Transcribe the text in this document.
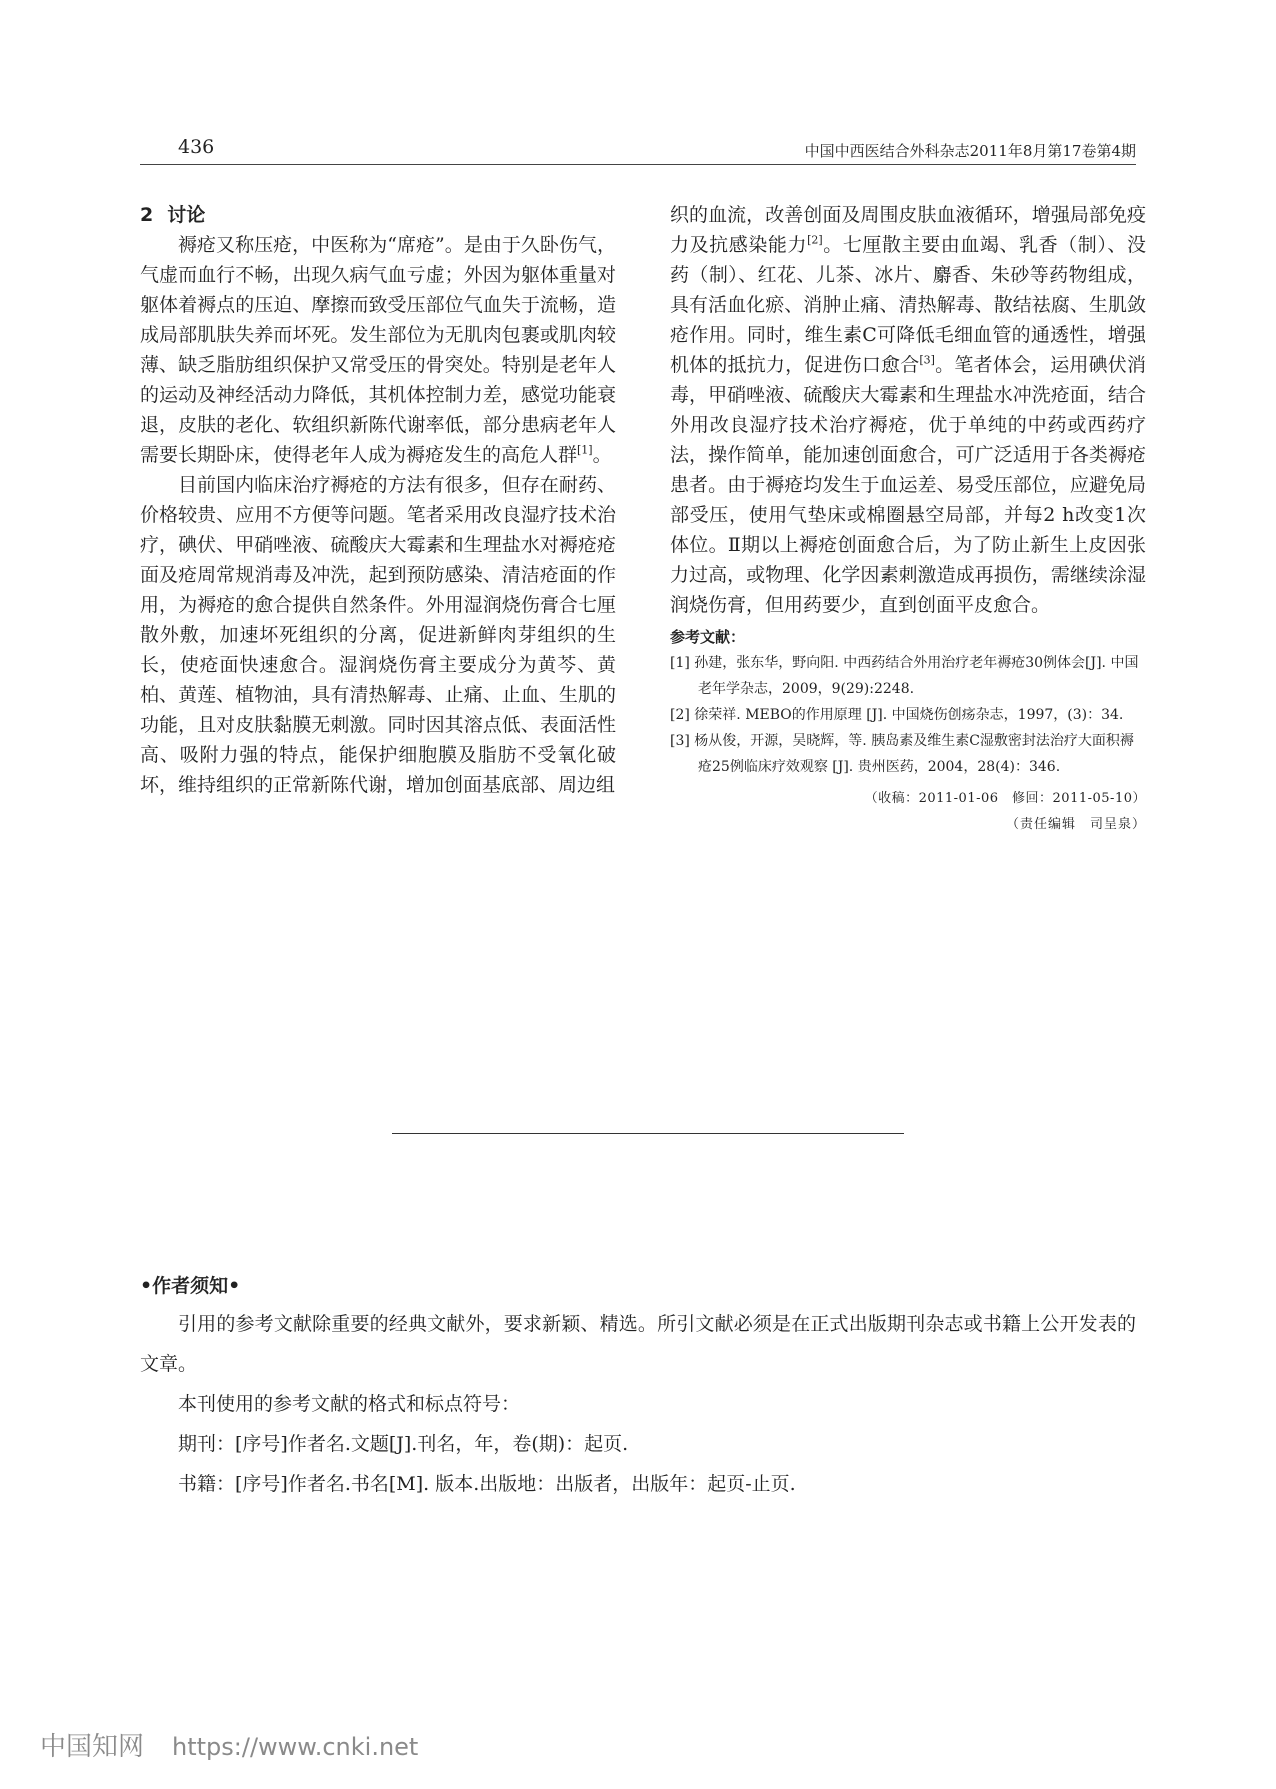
436	中国中西医结合外科杂志2011年8月第17卷第4期
2 讨论

褥疮又称压疮，中医称为“席疮”。是由于久卧伤气，气虚而血行不畅，出现久病气血亏虚；外因为躯体重量对躯体着褥点的压迫、摩擦而致受压部位气血失于流畅，造成局部肌肤失养而坏死。发生部位为无肌肉包裹或肌肉较薄、缺乏脂肪组织保护又常受压的骨突处。特别是老年人的运动及神经活动力降低，其机体控制力差，感觉功能衰退，皮肤的老化、软组织新陈代谢率低，部分患病老年人需要长期卧床，使得老年人成为褥疮发生的高危人群[1]。

目前国内临床治疗褥疮的方法有很多，但存在耐药、价格较贵、应用不方便等问题。笔者采用改良湿疗技术治疗，碘伏、甲硝唑液、硫酸庆大霉素和生理盐水对褥疮疮面及疮周常规消毒及冲洗，起到预防感染、清洁疮面的作用，为褥疮的愈合提供自然条件。外用湿润烧伤膏合七厘散外敷，加速坏死组织的分离，促进新鲜肉芽组织的生长，使疮面快速愈合。湿润烧伤膏主要成分为黄芩、黄柏、黄莲、植物油，具有清热解毒、止痛、止血、生肌的功能，且对皮肤黏膜无刺激。同时因其溶点低、表面活性高、吸附力强的特点，能保护细胞膜及脂肪不受氧化破坏，维持组织的正常新陈代谢，增加创面基底部、周边组

织的血流，改善创面及周围皮肤血液循环，增强局部免疫力及抗感染能力[2]。七厘散主要由血竭、乳香（制）、没药（制）、红花、儿茶、冰片、麝香、朱砂等药物组成，具有活血化瘀、消肿止痛、清热解毒、散结祛腐、生肌敛疮作用。同时，维生素C可降低毛细血管的通透性，增强机体的抵抗力，促进伤口愈合[3]。笔者体会，运用碘伏消毒，甲硝唑液、硫酸庆大霉素和生理盐水冲洗疮面，结合外用改良湿疗技术治疗褥疮，优于单纯的中药或西药疗法，操作简单，能加速创面愈合，可广泛适用于各类褥疮患者。由于褥疮均发生于血运差、易受压部位，应避免局部受压，使用气垫床或棉圈悬空局部，并每2 h改变1次体位。Ⅱ期以上褥疮创面愈合后，为了防止新生上皮因张力过高，或物理、化学因素刺激造成再损伤，需继续涂湿润烧伤膏，但用药要少，直到创面平皮愈合。

参考文献：
[1] 孙建，张东华，野向阳. 中西药结合外用治疗老年褥疮30例体会[J]. 中国老年学杂志，2009，9(29):2248.
[2] 徐荣祥. MEBO的作用原理 [J]. 中国烧伤创疡杂志，1997，(3)：34.
[3] 杨从俊，开源，吴晓辉，等. 胰岛素及维生素C湿敷密封法治疗大面积褥疮25例临床疗效观察 [J]. 贵州医药，2004，28(4)：346.
（收稿：2011-01-06　修回：2011-05-10）
（责任编辑　司呈泉）
•作者须知•

引用的参考文献除重要的经典文献外，要求新颖、精选。所引文献必须是在正式出版期刊杂志或书籍上公开发表的文章。

本刊使用的参考文献的格式和标点符号：

期刊：[序号]作者名.文题[J].刊名，年，卷(期)：起页.

书籍：[序号]作者名.书名[M]. 版本.出版地：出版者，出版年：起页-止页.

中国知网 https://www.cnki.net
